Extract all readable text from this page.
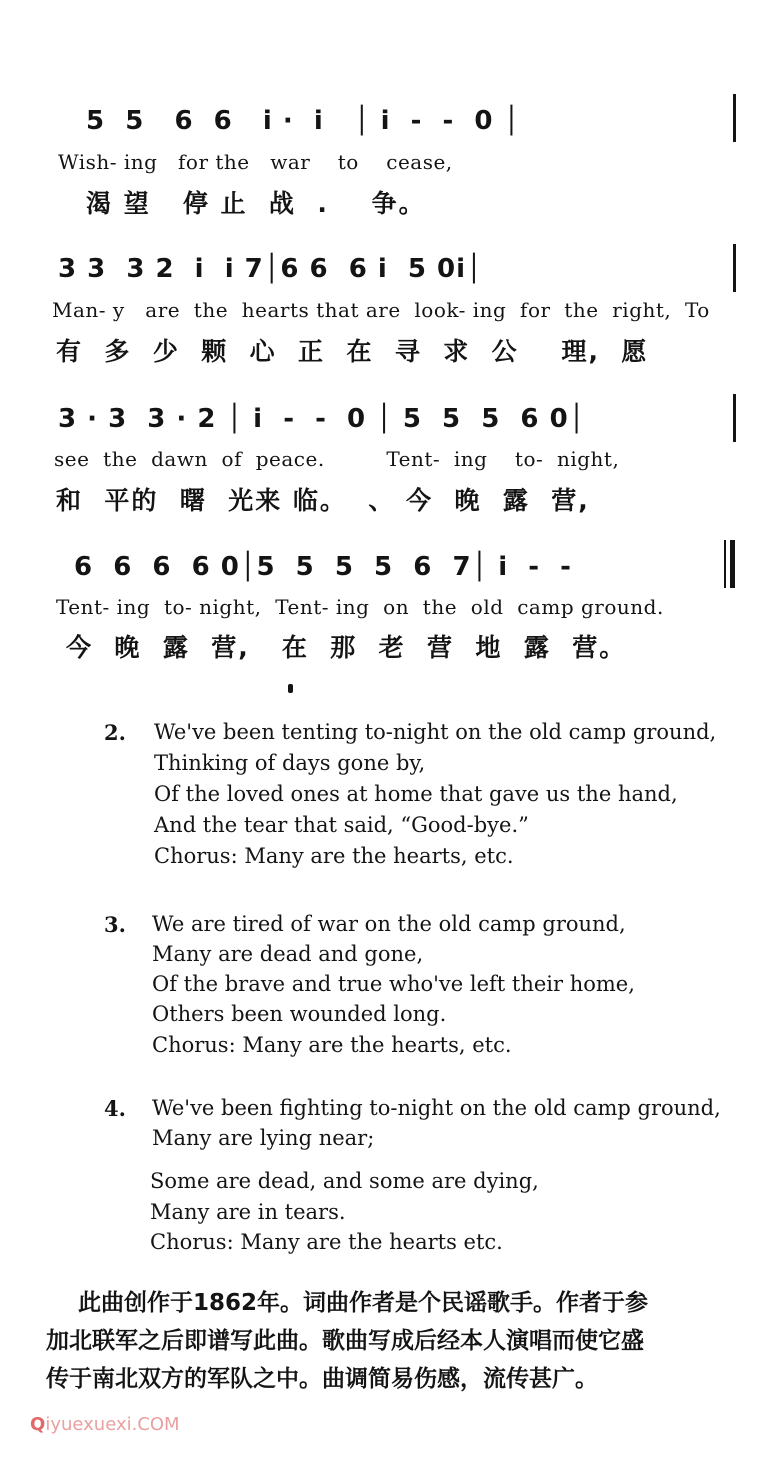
5  5   6  6   i ·  i   │ i  -  -  0 │
Wish- ing   for the   war    to    cease,
渴 望   停 止  战  .    争。
3 3  3 2  i  i 7│6 6  6 i  5 0i│
Man- y   are  the  hearts that are  look- ing  for  the  right,  To
有  多  少  颗  心  正  在  寻  求  公    理,  愿
3 · 3  3 · 2 │ i  -  -  0 │ 5  5  5  6 0│
see  the  dawn  of  peace.         Tent-  ing    to-  night,
和  平的  曙  光来 临。  、 今  晚  露  营,
6  6  6  6 0│5  5  5  5  6  7│ i  -  -
Tent- ing  to- night,  Tent- ing  on  the  old  camp ground.
今  晚  露  营,   在  那  老  营  地  露  营。
2. We've been tenting to-night on the old camp ground,
Thinking of days gone by,
Of the loved ones at home that gave us the hand,
And the tear that said, “Good-bye.”
Chorus: Many are the hearts, etc.
3. We are tired of war on the old camp ground,
Many are dead and gone,
Of the brave and true who've left their home,
Others been wounded long.
Chorus: Many are the hearts, etc.
4. We've been fighting to-night on the old camp ground,
Many are lying near;
Some are dead, and some are dying,
Many are in tears.
Chorus: Many are the hearts etc.
此曲创作于1862年。词曲作者是个民谣歌手。作者于参
加北联军之后即谱写此曲。歌曲写成后经本人演唱而使它盛
传于南北双方的军队之中。曲调简易伤感，流传甚广。
Qiyuexuexi.COM
